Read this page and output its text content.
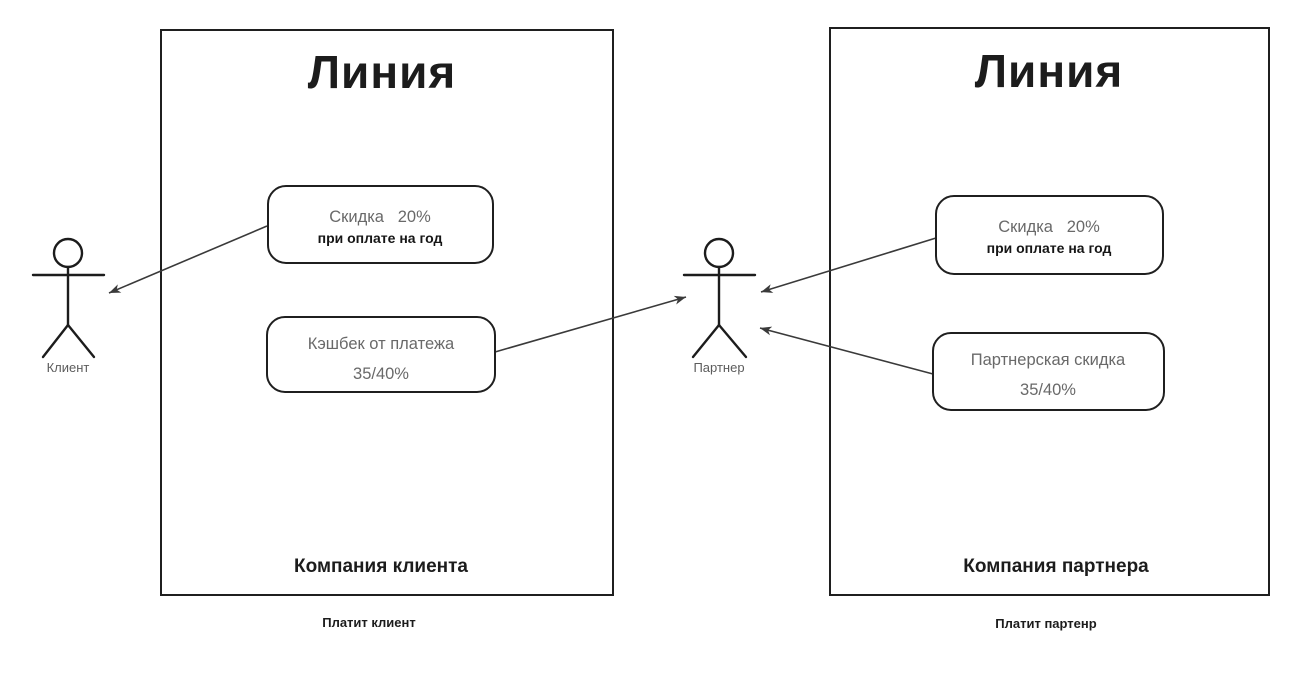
Линия
Компания клиента
Линия
Компания партнера
Скидка   20%
при оплате на год
Кэшбек от платежа
35/40%
Скидка   20%
при оплате на год
Партнерская скидка
35/40%
Клиент	Партнер
Платит клиент	Платит партенр
